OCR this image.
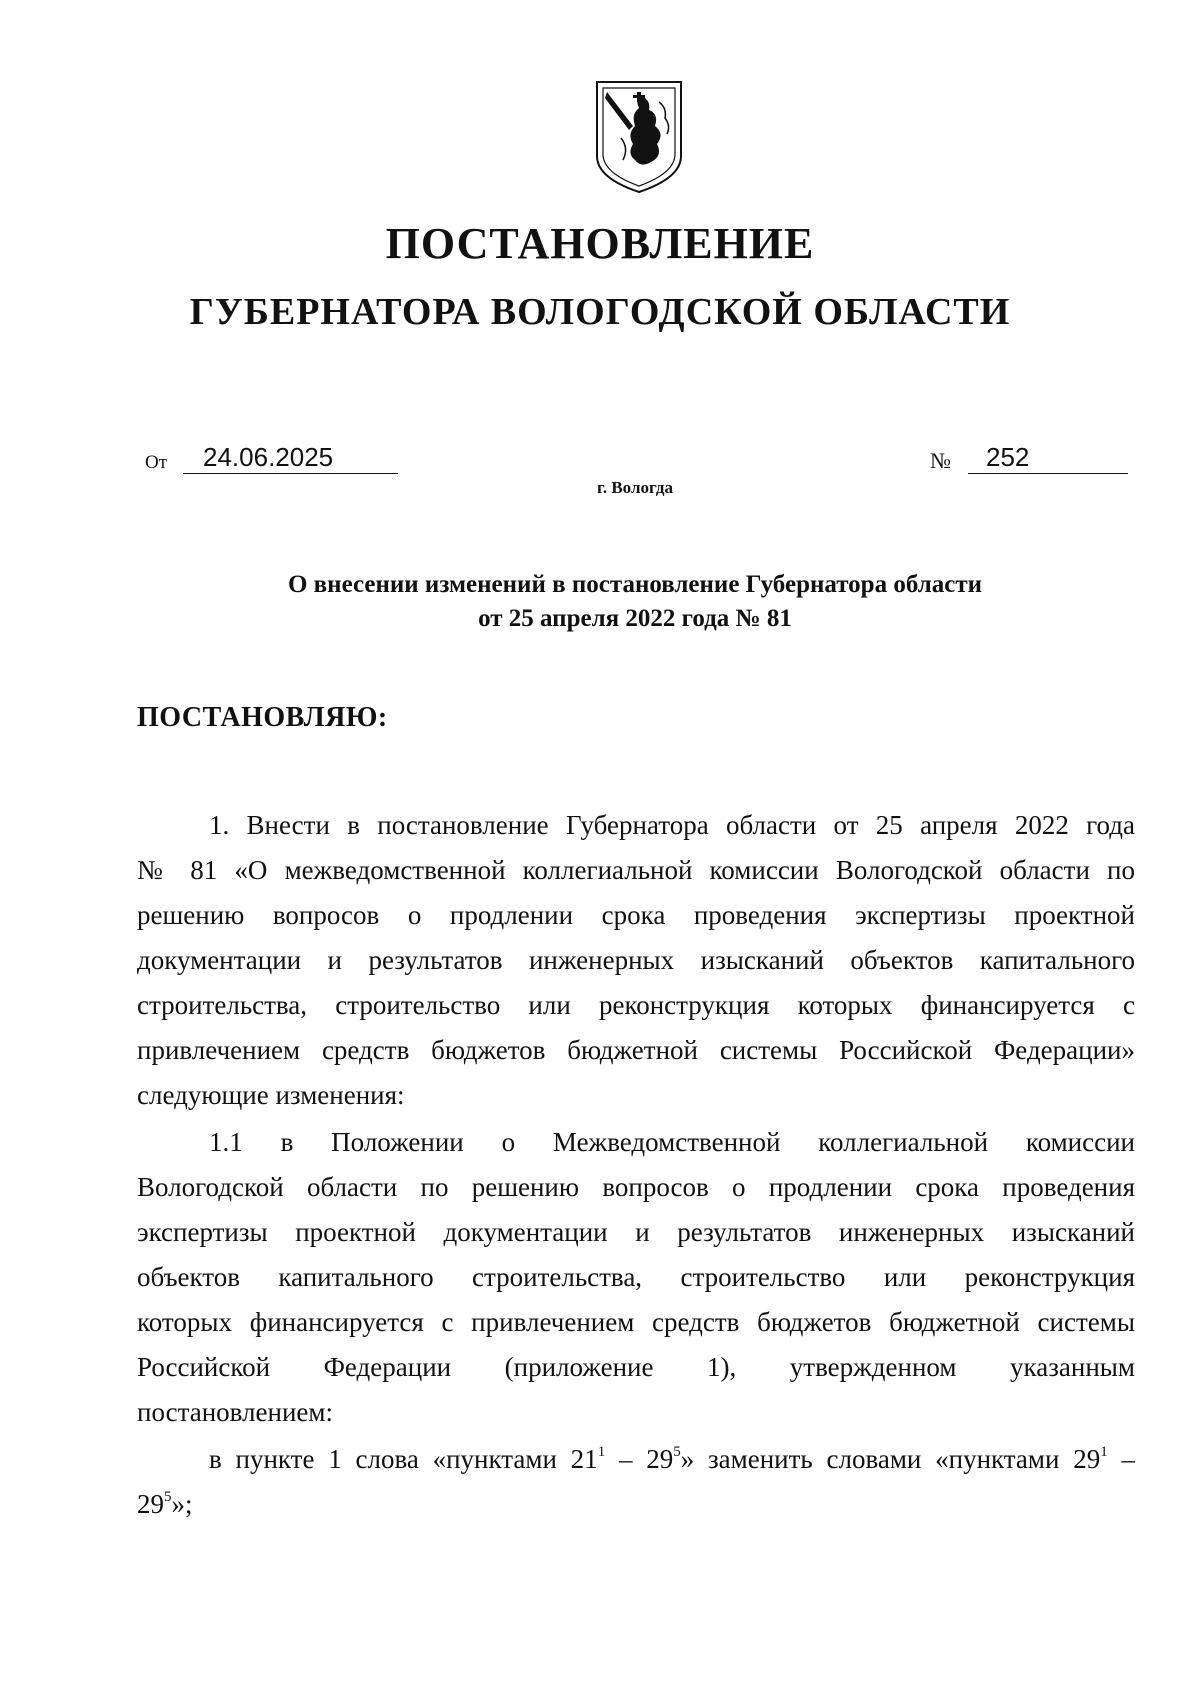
ПОСТАНОВЛЕНИЕ
ГУБЕРНАТОРА ВОЛОГОДСКОЙ ОБЛАСТИ
От	24.06.2025	№	252
г. Вологда
О внесении изменений в постановление Губернатора области
от 25 апреля 2022 года № 81
ПОСТАНОВЛЯЮ:
1. Внести в постановление Губернатора области от 25 апреля 2022 года
№ 81 «О межведомственной коллегиальной комиссии Вологодской области по
решению вопросов о продлении срока проведения экспертизы проектной
документации и результатов инженерных изысканий объектов капитального
строительства, строительство или реконструкция которых финансируется с
привлечением средств бюджетов бюджетной системы Российской Федерации»
следующие изменения:
1.1 в Положении о Межведомственной коллегиальной комиссии
Вологодской области по решению вопросов о продлении срока проведения
экспертизы проектной документации и результатов инженерных изысканий
объектов капитального строительства, строительство или реконструкция
которых финансируется с привлечением средств бюджетов бюджетной системы
Российской Федерации (приложение 1), утвержденном указанным
постановлением:
в пункте 1 слова «пунктами $21^1 - 29^5$» заменить словами «пунктами $29^1$ –
$29^5$»;
